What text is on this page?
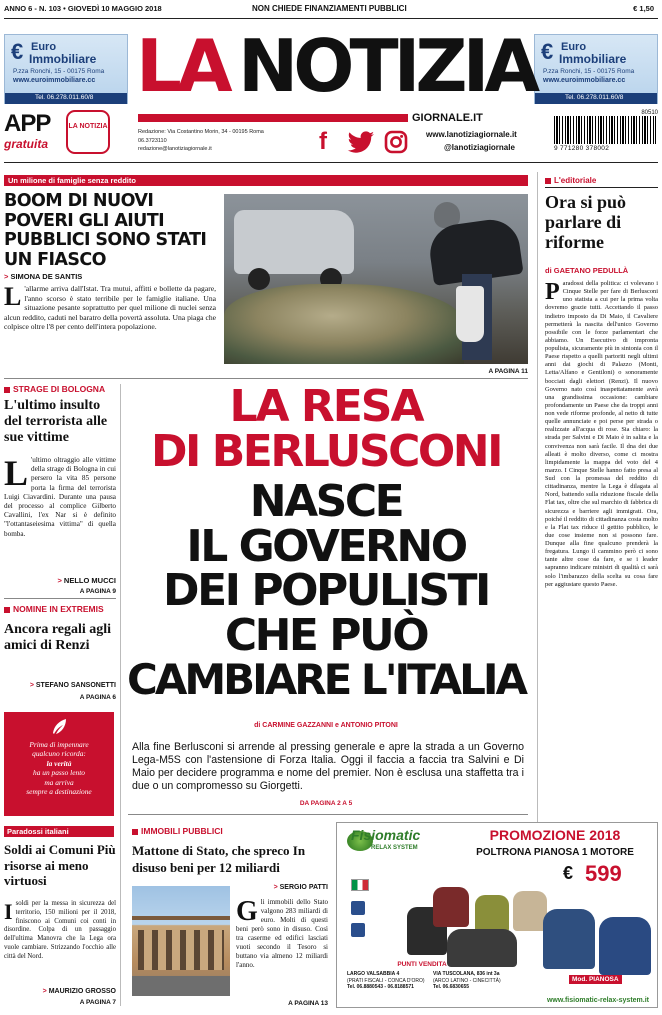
ANNO 6 - N. 103 • GIOVEDÌ 10 MAGGIO 2018	NON CHIEDE FINANZIAMENTI PUBBLICI	€ 1,50
€ Euro
Immobiliare
P.zza Ronchi, 15 - 00175 Roma
www.euroimmobiliare.cc
Tel. 06.278.011.60/8
€ Euro
Immobiliare
P.zza Ronchi, 15 - 00175 Roma
www.euroimmobiliare.cc
Tel. 06.278.011.60/8
LA NOTIZIA
GIORNALE.IT
Redazione: Via Costantino Morin, 34 - 00195 Roma
06.3723110
redazione@lanotiziagiornale.it	f	www.lanotiziagiornale.it
@lanotiziagiornale
APP
gratuita
LA NOTIZIA
80510
9 771280 378002
Un milione di famiglie senza reddito
BOOM DI NUOVI POVERI GLI AIUTI PUBBLICI SONO STATI UN FIASCO
> SIMONA DE SANTIS
L 'allarme arriva dall'Istat. Tra mutui, affitti e bollette da pagare, l'anno scorso è stato terribile per le famiglie italiane. Una situazione pesante soprattutto per quel milione di nuclei senza alcun reddito, caduti nel baratro della povertà assoluta. Una piaga che colpisce oltre l'8 per cento dell'intera popolazione.
A PAGINA 11
L'editoriale
Ora si può parlare di riforme
di GAETANO PEDULLÀ
Paradossi della politica: ci volevano i Cinque Stelle per fare di Berlusconi uno statista a cui per la prima volta dovremo grazie tutti. Accettando il passo indietro imposto da Di Maio, il Cavaliere permetterà la nascita dell'unico Governo possibile con le forze parlamentari che abbiamo. Un Esecutivo di impronta populista, sicuramente più in sintonia con il Paese rispetto a quelli partoriti negli ultimi anni dai giochi di Palazzo (Monti, Letta/Alfano e Gentiloni) o sonoramente bocciati dagli elettori (Renzi). Il nuovo Governo nato così inaspettatamente avrà una grandissima occasione: cambiare profondamente un Paese che da troppi anni non vede riforme profonde, al netto di tutte quelle annunciate e poi perse per strada o realizzate all'acqua di rose. Sia chiaro: la strada per Salvini e Di Maio è in salita e la convivenza non sarà facile. Il dna dei due alleati è molto diverso, come ci mostra limpidamente la mappa del voto del 4 marzo. I Cinque Stelle hanno fatto presa al Sud con la promessa del reddito di cittadinanza, mentre la Lega è dilagata al Nord, battendo sulla riduzione fiscale della Flat tax, oltre che sul marchio di fabbrica di sicurezza e barriere agli immigrati. Ora, poiché il reddito di cittadinanza costa molto e la Flat tax riduce il gettito pubblico, le due cose insieme non si possono fare. Dunque alla fine qualcuno prenderà la fregatura. Lungo il cammino però ci sono tante altre cose da fare, e se i leader sapranno indicare ministri di qualità ci sarà solo l'imbarazzo della scelta su cosa fare per aggiustare questo Paese.
LA RESA
DI BERLUSCONI
NASCE
IL GOVERNO
DEI POPULISTI
CHE PUÒ
CAMBIARE L'ITALIA
di CARMINE GAZZANNI e ANTONIO PITONI
Alla fine Berlusconi si arrende al pressing generale e apre la strada a un Governo Lega-M5S con l'astensione di Forza Italia. Oggi il faccia a faccia tra Salvini e Di Maio per decidere programma e nome del premier. Non è esclusa una staffetta tra i due o un compromesso su Giorgetti.
DA PAGINA 2 A 5
STRAGE DI BOLOGNA
L'ultimo insulto del terrorista alle sue vittime
L 'ultimo oltraggio alle vittime della strage di Bologna in cui persero la vita 85 persone porta la firma del terrorista Luigi Ciavardini. Durante una pausa del processo al complice Gilberto Cavallini, l'ex Nar si è definito "l'ottantaseiesima vittima" di quella bomba.
> NELLO MUCCI
A PAGINA 9
NOMINE IN EXTREMIS
Ancora regali agli amici di Renzi
> STEFANO SANSONETTI
A PAGINA 6
Prima di impennare
qualcuno ricorda:
la verità
ha un passo lento
ma arriva
sempre a destinazione
Paradossi italiani
Soldi ai Comuni Più risorse ai meno virtuosi
Isoldi per la messa in sicurezza del territorio, 150 milioni per il 2018, finiscono ai Comuni coi conti in disordine. Colpa di un passaggio dell'ultima Manovra che la Lega ora vuole cambiare. Strizzando l'occhio alle città del Nord.
> MAURIZIO GROSSO
A PAGINA 7
IMMOBILI PUBBLICI
Mattone di Stato, che spreco In disuso beni per 12 miliardi
> SERGIO PATTI
Gli immobili dello Stato valgono 283 miliardi di euro. Molti di questi beni però sono in disuso. Così tra caserme ed edifici lasciati vuoti secondo il Tesoro si buttano via almeno 12 miliardi l'anno.
A PAGINA 13
Fisiomatic
RELAX SYSTEM
PROMOZIONE 2018
POLTRONA PIANOSA 1 MOTORE
€ 599
Mod. PIANOSA
PUNTI VENDITA
LARGO VALSABBIA 4
(PRATI FISCALI - CONCA D'ORO)
Tel. 06.8880543 - 06.8188571
VIA TUSCOLANA, 836 int 3a
(ARCO LATINO - CINECITTÀ)
Tel. 06.6830655
www.fisiomatic-relax-system.it
